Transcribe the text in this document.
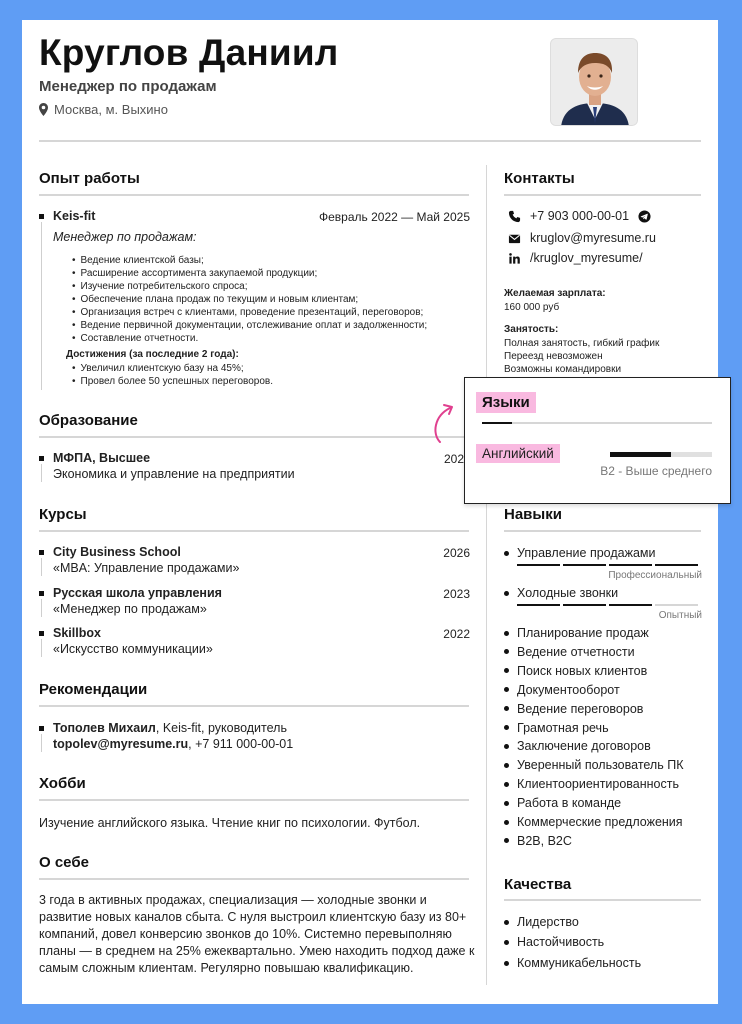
Круглов Даниил
Менеджер по продажам
Москва, м. Выхино
Опыт работы
Keis-fit	Февраль 2022 — Май 2025
Менеджер по продажам:
• Ведение клиентской базы;
• Расширение ассортимента закупаемой продукции;
• Изучение потребительского спроса;
• Обеспечение плана продаж по текущим и новым клиентам;
• Организация встреч с клиентами, проведение презентаций, переговоров;
• Ведение первичной документации, отслеживание оплат и задолженности;
• Составление отчетности.
Достижения (за последние 2 года):
• Увеличил клиентскую базу на 45%;
• Провел более 50 успешных переговоров.
Образование
МФПА, Высшее	202
Экономика и управление на предприятии
Курсы
City Business School	2026
«MBA: Управление продажами»
Русская школа управления	2023
«Менеджер по продажам»
Skillbox	2022
«Искусство коммуникации»
Рекомендации
Тополев Михаил, Keis-fit, руководитель
topolev@myresume.ru, +7 911 000-00-01
Хобби
Изучение английского языка. Чтение книг по психологии. Футбол.
О себе
3 года в активных продажах, специализация — холодные звонки и
развитие новых каналов сбыта. С нуля выстроил клиентскую базу из 80+
компаний, довел конверсию звонков до 10%. Системно перевыполняю
планы — в среднем на 25% ежеквартально. Умею находить подход даже к
самым сложным клиентам. Регулярно повышаю квалификацию.
Контакты
+7 903 000-00-01
kruglov@myresume.ru
/kruglov_myresume/
Желаемая зарплата:
160 000 руб
Занятость:
Полная занятость, гибкий график
Переезд невозможен
Возможны командировки
Навыки
Управление продажами
Профессиональный
Холодные звонки
Опытный
Планирование продаж
Ведение отчетности
Поиск новых клиентов
Документооборот
Ведение переговоров
Грамотная речь
Заключение договоров
Уверенный пользователь ПК
Клиентоориентированность
Работа в команде
Коммерческие предложения
B2B, B2C
Качества
Лидерство
Настойчивость
Коммуникабельность
Языки
Английский
B2 - Выше среднего
